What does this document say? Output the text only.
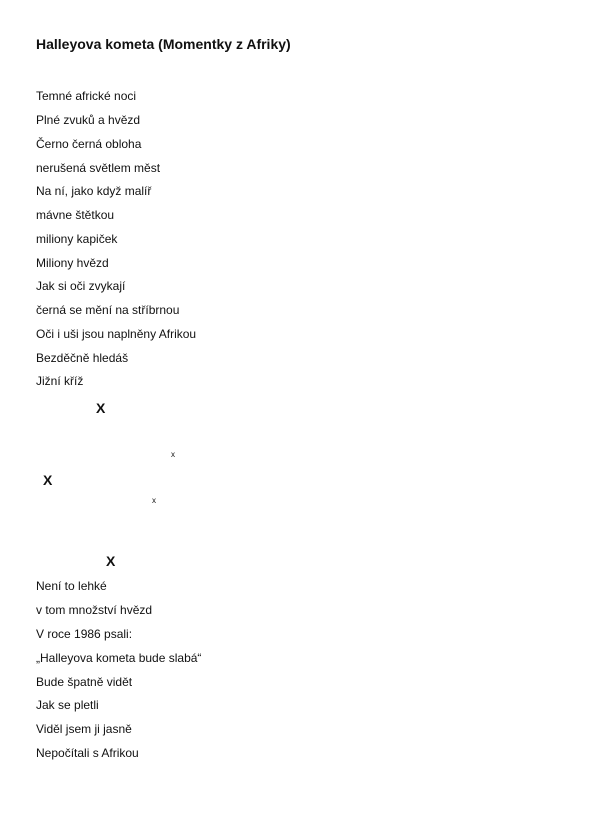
Halleyova kometa (Momentky z Afriky)
Temné africké noci
Plné zvuků a hvězd
Černo černá obloha
nerušená světlem měst
Na ní, jako když malíř
mávne štětkou
miliony kapiček
Miliony hvězd
Jak si oči zvykají
černá se mění na stříbrnou
Oči i uši jsou naplněny Afrikou
Bezděčně hledáš
Jižní kříž
X
x
X
x
X
Není to lehké
v tom množství hvězd
V roce 1986 psali:
„Halleyova kometa bude slabá“
Bude špatně vidět
Jak se pletli
Viděl jsem ji jasně
Nepočítali s Afrikou
